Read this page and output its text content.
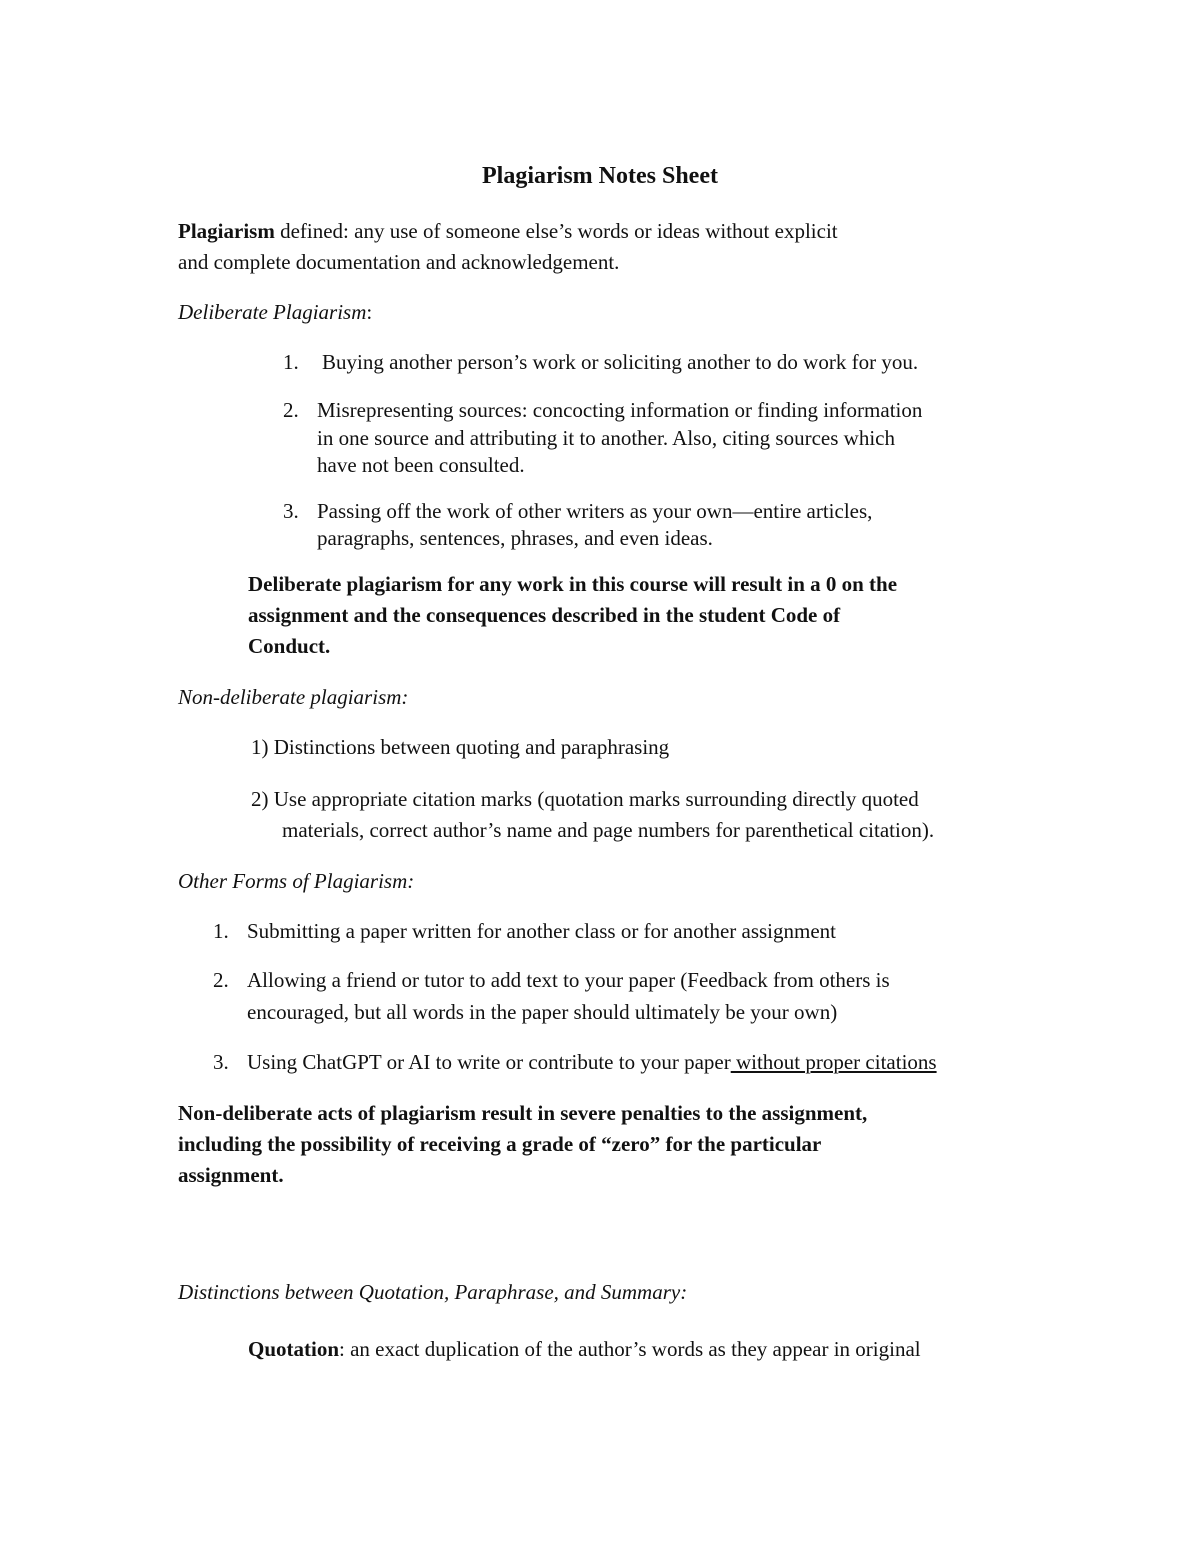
Plagiarism Notes Sheet
Plagiarism defined: any use of someone else’s words or ideas without explicit
and complete documentation and acknowledgement.
Deliberate Plagiarism:
1. Buying another person’s work or soliciting another to do work for you.
2. Misrepresenting sources: concocting information or finding information
in one source and attributing it to another. Also, citing sources which
have not been consulted.
3. Passing off the work of other writers as your own—entire articles,
paragraphs, sentences, phrases, and even ideas.
Deliberate plagiarism for any work in this course will result in a 0 on the
assignment and the consequences described in the student Code of
Conduct.
Non-deliberate plagiarism:
1) Distinctions between quoting and paraphrasing
2) Use appropriate citation marks (quotation marks surrounding directly quoted
materials, correct author’s name and page numbers for parenthetical citation).
Other Forms of Plagiarism:
1. Submitting a paper written for another class or for another assignment
2. Allowing a friend or tutor to add text to your paper (Feedback from others is
encouraged, but all words in the paper should ultimately be your own)
3. Using ChatGPT or AI to write or contribute to your paper without proper citations
Non-deliberate acts of plagiarism result in severe penalties to the assignment,
including the possibility of receiving a grade of “zero” for the particular
assignment.
Distinctions between Quotation, Paraphrase, and Summary:
Quotation: an exact duplication of the author’s words as they appear in original
